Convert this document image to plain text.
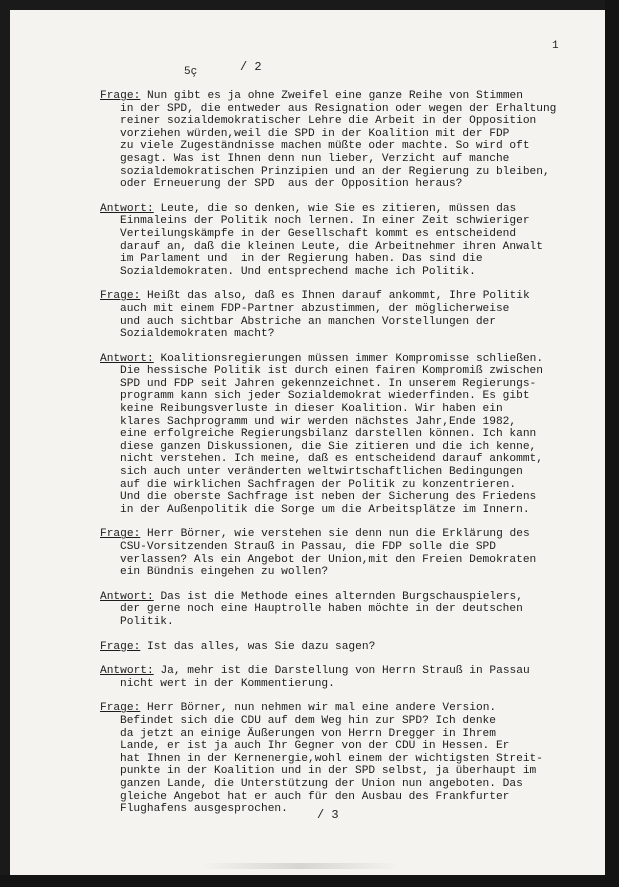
5ç	/ 2
1
Frage: Nun gibt es ja ohne Zweifel eine ganze Reihe von Stimmen
in der SPD, die entweder aus Resignation oder wegen der Erhaltung
reiner sozialdemokratischer Lehre die Arbeit in der Opposition
vorziehen würden,weil die SPD in der Koalition mit der FDP
zu viele Zugeständnisse machen müßte oder machte. So wird oft
gesagt. Was ist Ihnen denn nun lieber, Verzicht auf manche
sozialdemokratischen Prinzipien und an der Regierung zu bleiben,
oder Erneuerung der SPD  aus der Opposition heraus?
Antwort: Leute, die so denken, wie Sie es zitieren, müssen das
Einmaleins der Politik noch lernen. In einer Zeit schwieriger
Verteilungskämpfe in der Gesellschaft kommt es entscheidend
darauf an, daß die kleinen Leute, die Arbeitnehmer ihren Anwalt
im Parlament und  in der Regierung haben. Das sind die
Sozialdemokraten. Und entsprechend mache ich Politik.
Frage: Heißt das also, daß es Ihnen darauf ankommt, Ihre Politik
auch mit einem FDP-Partner abzustimmen, der möglicherweise
und auch sichtbar Abstriche an manchen Vorstellungen der
Sozialdemokraten macht?
Antwort: Koalitionsregierungen müssen immer Kompromisse schließen.
Die hessische Politik ist durch einen fairen Kompromiß zwischen
SPD und FDP seit Jahren gekennzeichnet. In unserem Regierungs-
programm kann sich jeder Sozialdemokrat wiederfinden. Es gibt
keine Reibungsverluste in dieser Koalition. Wir haben ein
klares Sachprogramm und wir werden nächstes Jahr,Ende 1982,
eine erfolgreiche Regierungsbilanz darstellen können. Ich kann
diese ganzen Diskussionen, die Sie zitieren und die ich kenne,
nicht verstehen. Ich meine, daß es entscheidend darauf ankommt,
sich auch unter veränderten weltwirtschaftlichen Bedingungen
auf die wirklichen Sachfragen der Politik zu konzentrieren.
Und die oberste Sachfrage ist neben der Sicherung des Friedens
in der Außenpolitik die Sorge um die Arbeitsplätze im Innern.
Frage: Herr Börner, wie verstehen sie denn nun die Erklärung des
CSU-Vorsitzenden Strauß in Passau, die FDP solle die SPD
verlassen? Als ein Angebot der Union,mit den Freien Demokraten
ein Bündnis eingehen zu wollen?
Antwort: Das ist die Methode eines alternden Burgschauspielers,
der gerne noch eine Hauptrolle haben möchte in der deutschen
Politik.
Frage: Ist das alles, was Sie dazu sagen?
Antwort: Ja, mehr ist die Darstellung von Herrn Strauß in Passau
nicht wert in der Kommentierung.
Frage: Herr Börner, nun nehmen wir mal eine andere Version.
Befindet sich die CDU auf dem Weg hin zur SPD? Ich denke
da jetzt an einige Äußerungen von Herrn Dregger in Ihrem
Lande, er ist ja auch Ihr Gegner von der CDU in Hessen. Er
hat Ihnen in der Kernenergie,wohl einem der wichtigsten Streit-
punkte in der Koalition und in der SPD selbst, ja überhaupt im
ganzen Lande, die Unterstützung der Union nun angeboten. Das
gleiche Angebot hat er auch für den Ausbau des Frankfurter
Flughafens ausgesprochen.	/ 3
